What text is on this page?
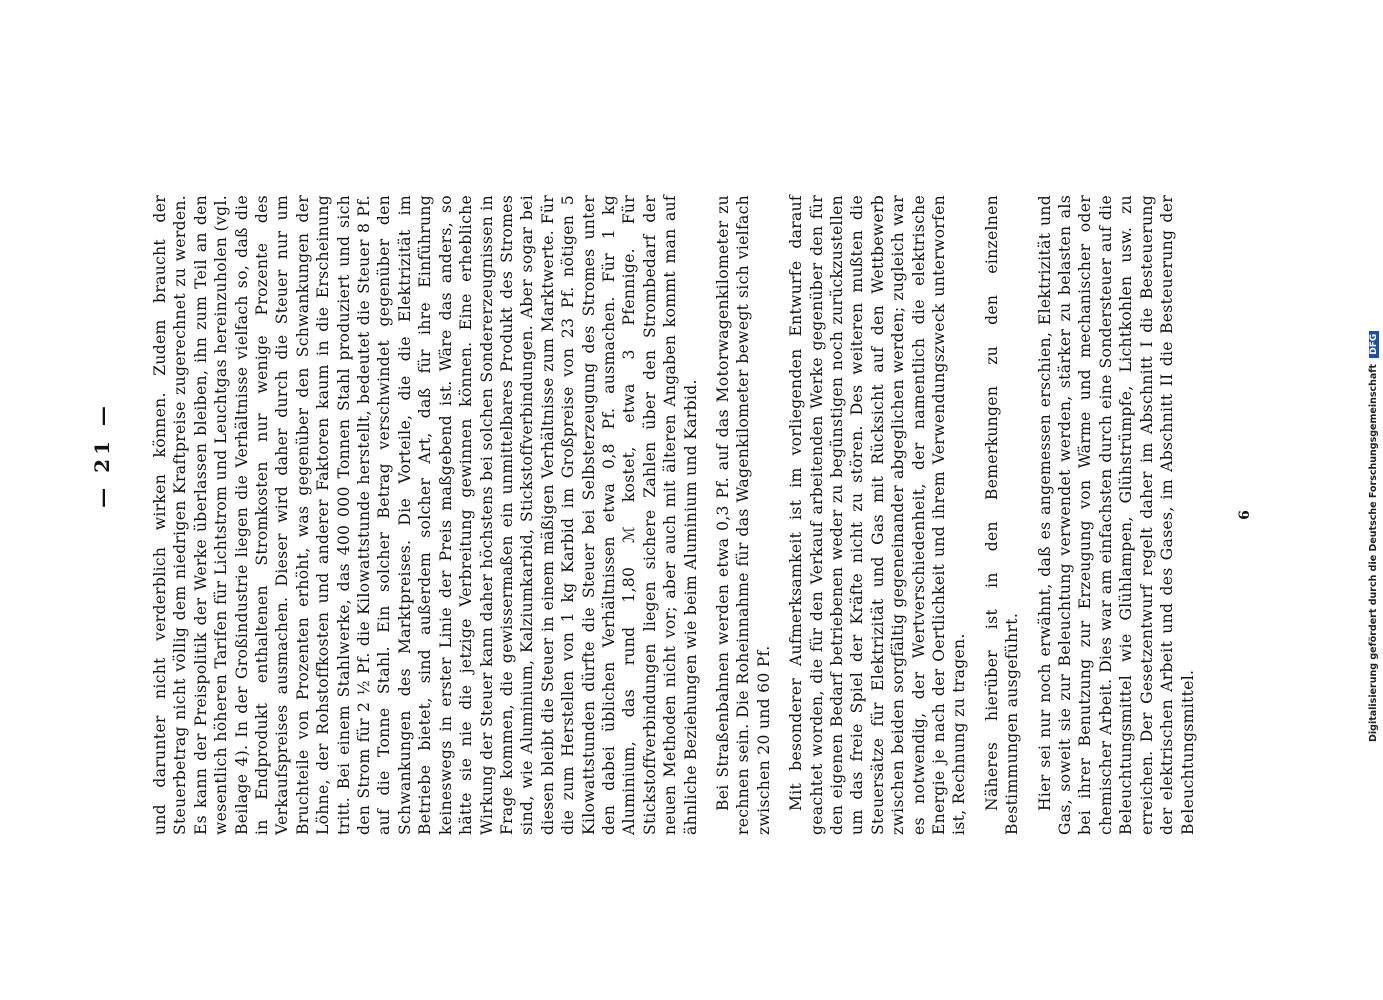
— 21 — und darunter nicht verderblich wirken können. Zudem braucht der Steuerbetrag nicht völlig dem niedrigen Kraftpreise zugerechnet zu werden. Es kann der Preispolitik der Werke überlassen bleiben, ihn zum Teil an den wesentlich höheren Tarifen für Lichtstrom und Leuchtgas hereinzuholen (vgl. Beilage 4). In der Großindustrie liegen die Verhältnisse vielfach so, daß die in Endprodukt enthaltenen Stromkosten nur wenige Prozente des Verkaufspreises ausmachen. Dieser wird daher durch die Steuer nur um Bruchteile von Prozenten erhöht, was gegenüber den Schwankungen der Löhne, der Rohstoffkosten und anderer Faktoren kaum in die Erscheinung tritt. Bei einem Stahlwerke, das 400 000 Tonnen Stahl produziert und sich den Strom für 2 ½ Pf. die Kilowattstunde herstellt, bedeutet die Steuer 8 Pf. auf die Tonne Stahl. Ein solcher Betrag verschwindet gegenüber den Schwankungen des Marktpreises. Die Vorteile, die die Elektrizität im Betriebe bietet, sind außerdem solcher Art, daß für ihre Einführung keineswegs in erster Linie der Preis maßgebend ist. Wäre das anders, so hätte sie nie die jetzige Verbreitung gewinnen können. Eine erhebliche Wirkung der Steuer kann daher höchstens bei solchen Sondererzeugnissen in Frage kommen, die gewissermaßen ein unmittelbares Produkt des Stromes sind, wie Aluminium, Kalziumkarbid, Stickstoffverbindungen. Aber sogar bei diesen bleibt die Steuer in einem mäßigen Verhältnisse zum Marktwerte. Für die zum Herstellen von 1 kg Karbid im Großpreise von 23 Pf. nötigen 5 Kilowattstunden dürfte die Steuer bei Selbsterzeugung des Stromes unter den dabei üblichen Verhältnissen etwa 0,8 Pf. ausmachen. Für 1 kg Aluminium, das rund 1,80 ℳ kostet, etwa 3 Pfennige. Für Stickstoffverbindungen liegen sichere Zahlen über den Strombedarf der neuen Methoden nicht vor; aber auch mit älteren Angaben kommt man auf ähnliche Beziehungen wie beim Aluminium und Karbid. Bei Straßenbahnen werden etwa 0,3 Pf. auf das Motorwagenkilometer zu rechnen sein. Die Roheinnahme für das Wagenkilometer bewegt sich vielfach zwischen 20 und 60 Pf. Mit besonderer Aufmerksamkeit ist im vorliegenden Entwurfe darauf geachtet worden, die für den Verkauf arbeitenden Werke gegenüber den für den eigenen Bedarf betriebenen weder zu begünstigen noch zurückzustellen um das freie Spiel der Kräfte nicht zu stören. Des weiteren mußten die Steuersätze für Elektrizität und Gas mit Rücksicht auf den Wettbewerb zwischen beiden sorgfältig gegeneinander abgeglichen werden; zugleich war es notwendig, der Wertverschiedenheit, der namentlich die elektrische Energie je nach der Oertlichkeit und ihrem Verwendungszweck unterworfen ist, Rechnung zu tragen. Näheres hierüber ist in den Bemerkungen zu den einzelnen Bestimmungen ausgeführt. Hier sei nur noch erwähnt, daß es angemessen erschien, Elektrizität und Gas, soweit sie zur Beleuchtung verwendet werden, stärker zu belasten als bei ihrer Benutzung zur Erzeugung von Wärme und mechanischer oder chemischer Arbeit. Dies war am einfachsten durch eine Sondersteuer auf die Beleuchtungsmittel wie Glühlampen, Glühstrümpfe, Lichtkohlen usw. zu erreichen. Der Gesetzentwurf regelt daher im Abschnitt I die Besteuerung der elektrischen Arbeit und des Gases, im Abschnitt II die Besteuerung der Beleuchtungsmittel.

6	Digitalisierung gefördert durch die Deutsche Forschungsgemeinschaft DFG
